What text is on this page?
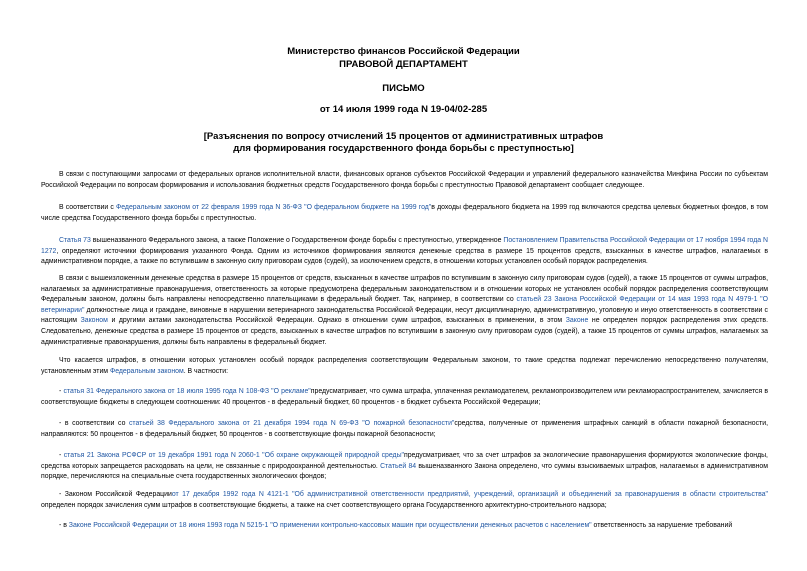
Министерство финансов Российской Федерации
ПРАВОВОЙ ДЕПАРТАМЕНТ
ПИСЬМО
от 14 июля 1999 года N 19-04/02-285
[Разъяснения по вопросу отчислений 15 процентов от административных штрафов
для формирования государственного фонда борьбы с преступностью]

В связи с поступающими запросами от федеральных органов исполнительной власти, финансовых органов субъектов Российской Федерации и управлений федерального казначейства Минфина России по субъектам Российской Федерации по вопросам формирования и использования бюджетных средств Государственного фонда борьбы с преступностью Правовой департамент сообщает следующее.

В соответствии с Федеральным законом от 22 февраля 1999 года N 36-ФЗ "О федеральном бюджете на 1999 год"в доходы федерального бюджета на 1999 год включаются средства целевых бюджетных фондов, в том числе средства Государственного фонда борьбы с преступностью.

Статья 73 вышеназванного Федерального закона, а также Положение о Государственном фонде борьбы с преступностью, утвержденное Постановлением Правительства Российской Федерации от 17 ноября 1994 года N 1272, определяют источники формирования указанного Фонда. Одним из источников формирования являются денежные средства в размере 15 процентов средств, взысканных в качестве штрафов, налагаемых в административном порядке, а также по вступившим в законную силу приговорам судов (судей), за исключением средств, в отношении которых установлен особый порядок распределения.

В связи с вышеизложенным денежные средства в размере 15 процентов от средств, взысканных в качестве штрафов по вступившим в законную силу приговорам судов (судей), а также 15 процентов от суммы штрафов, налагаемых за административные правонарушения, ответственность за которые предусмотрена федеральным законодательством и в отношении которых не установлен особый порядок распределения соответствующим Федеральным законом, должны быть направлены непосредственно плательщиками в федеральный бюджет. Так, например, в соответствии со статьей 23 Закона Российской Федерации от 14 мая 1993 года N 4979-1 "О ветеринарии" должностные лица и граждане, виновные в нарушении ветеринарного законодательства Российской Федерации, несут дисциплинарную, административную, уголовную и иную ответственность в соответствии с настоящим Законом и другими актами законодательства Российской Федерации. Однако в отношении сумм штрафов, взысканных в применении, в этом Законе не определен порядок распределения этих средств. Следовательно, денежные средства в размере 15 процентов от средств, взысканных в качестве штрафов по вступившим в законную силу приговорам судов (судей), а также 15 процентов от суммы штрафов, налагаемых за административные правонарушения, должны быть направлены в федеральный бюджет.

Что касается штрафов, в отношении которых установлен особый порядок распределения соответствующим Федеральным законом, то такие средства подлежат перечислению непосредственно получателям, установленным этим Федеральным законом. В частности:

- статья 31 Федерального закона от 18 июля 1995 года N 108-ФЗ "О рекламе"предусматривает, что сумма штрафа, уплаченная рекламодателем, рекламопроизводителем или рекламораспространителем, зачисляется в соответствующие бюджеты в следующем соотношении: 40 процентов - в федеральный бюджет, 60 процентов - в бюджет субъекта Российской Федерации;

- в соответствии со статьей 38 Федерального закона от 21 декабря 1994 года N 69-ФЗ "О пожарной безопасности"средства, полученные от применения штрафных санкций в области пожарной безопасности, направляются: 50 процентов - в федеральный бюджет, 50 процентов - в соответствующие фонды пожарной безопасности;

- статья 21 Закона РСФСР от 19 декабря 1991 года N 2060-1 "Об охране окружающей природной среды"предусматривает, что за счет штрафов за экологические правонарушения формируются экологические фонды, средства которых запрещается расходовать на цели, не связанные с природоохранной деятельностью. Статьей 84 вышеназванного Закона определено, что суммы взыскиваемых штрафов, налагаемых в административном порядке, перечисляются на специальные счета государственных экологических фондов;

- Законом Российской Федерацииот 17 декабря 1992 года N 4121-1 "Об административной ответственности предприятий, учреждений, организаций и объединений за правонарушения в области строительства" определен порядок зачисления сумм штрафов в соответствующие бюджеты, а также на счет соответствующего органа Государственного архитектурно-строительного надзора;

- в Законе Российской Федерации от 18 июня 1993 года N 5215-1 "О применении контрольно-кассовых машин при осуществлении денежных расчетов с населением" ответственность за нарушение требований
